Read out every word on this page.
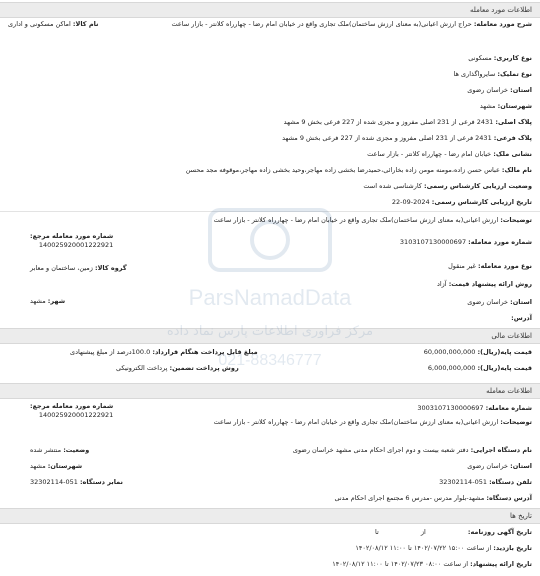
اطلاعات مورد معامله
شرح مورد معامله: حراج ارزش اعیانی(به معنای ارزش ساختمان)ملک تجاری واقع در خیابان امام رضا - چهارراه کلانتر - بازار ساعت
نام کالا: اماکن مسکونی و اداری
نوع کاربری: مسکونی
نوع تملیک: سایرواگذاری ها
استان: خراسان رضوی
شهرستان: مشهد
پلاک اصلی: 2431 فرعی از 231 اصلی مفروز و مجزی شده از 227 فرعی بخش 9 مشهد
پلاک فرعی: 2431 فرعی از 231 اصلی مفروز و مجزی شده از 227 فرعی بخش 9 مشهد
نشانی ملک: خیابان امام رضا - چهارراه کلانتر - بازار ساعت
نام مالک: عباس حسن زاده،مومنه مومن زاده بخارائی،حمیدرضا بخشی زاده مهاجر،وحید بخشی زاده مهاجر،موقوفه مجد محسن
وضعیت ارزیابی کارشناس رسمی: کارشناسی شده است
تاریخ ارزیابی کارشناس رسمی: 2024-09-22
توضیحات: ارزش اعیانی(به معنای ارزش ساختمان)ملک تجاری واقع در خیابان امام رضا - چهارراه کلانتر - بازار ساعت
شماره مورد معامله مرجع:
140025920001222921	شماره مورد معامله: 3103107130000697
گروه کالا: زمین، ساختمان و معابر	نوع مورد معامله: غیر منقول
روش ارائه پیشنهاد قیمت: آزاد
استان: خراسان رضوی
شهر: مشهد
آدرس:
اطلاعات مالی
قیمت پایه(ریال): 60,000,000,000
مبلغ قابل پرداخت هنگام قرارداد: 100.0درصد از مبلغ پیشنهادی
قیمت پایه(ریال): 6,000,000,000
روش پرداخت تضمین: پرداخت الکترونیکی
اطلاعات معامله
شماره مورد معامله مرجع:
140025920001222921
شماره معامله: 3003107130000697
توضیحات: ارزش اعیانی(به معنای ارزش ساختمان)ملک تجاری واقع در خیابان امام رضا - چهارراه کلانتر - بازار ساعت
نام دستگاه اجرایی: دفتر شعبه بیست و دوم اجرای احکام مدنی مشهد خراسان رضوی
وضعیت: منتشر شده
استان: خراسان رضوی
شهرستان: مشهد
تلفن دستگاه: 051-32302114
نمابر دستگاه: 051-32302114
آدرس دستگاه: مشهد-بلوار مدرس -مدرس 6 مجتمع اجرای احکام مدنی
تاریخ ها
تاریخ آگهی روزنامه: از تا
تاریخ بازدید: از ساعت ۱۵:۰۰ ۱۴۰۲/۰۷/۲۲ تا ۱۱:۰۰ ۱۴۰۲/۰۸/۱۲
تاریخ ارائه پیشنهاد: از ساعت ۰۸:۰۰ ۱۴۰۲/۰۷/۲۳ تا ۱۱:۰۰ ۱۴۰۲/۰۸/۱۲
ParsNamadData
مرکز فراوری اطلاعات پارس نماد داده
021-88346777
